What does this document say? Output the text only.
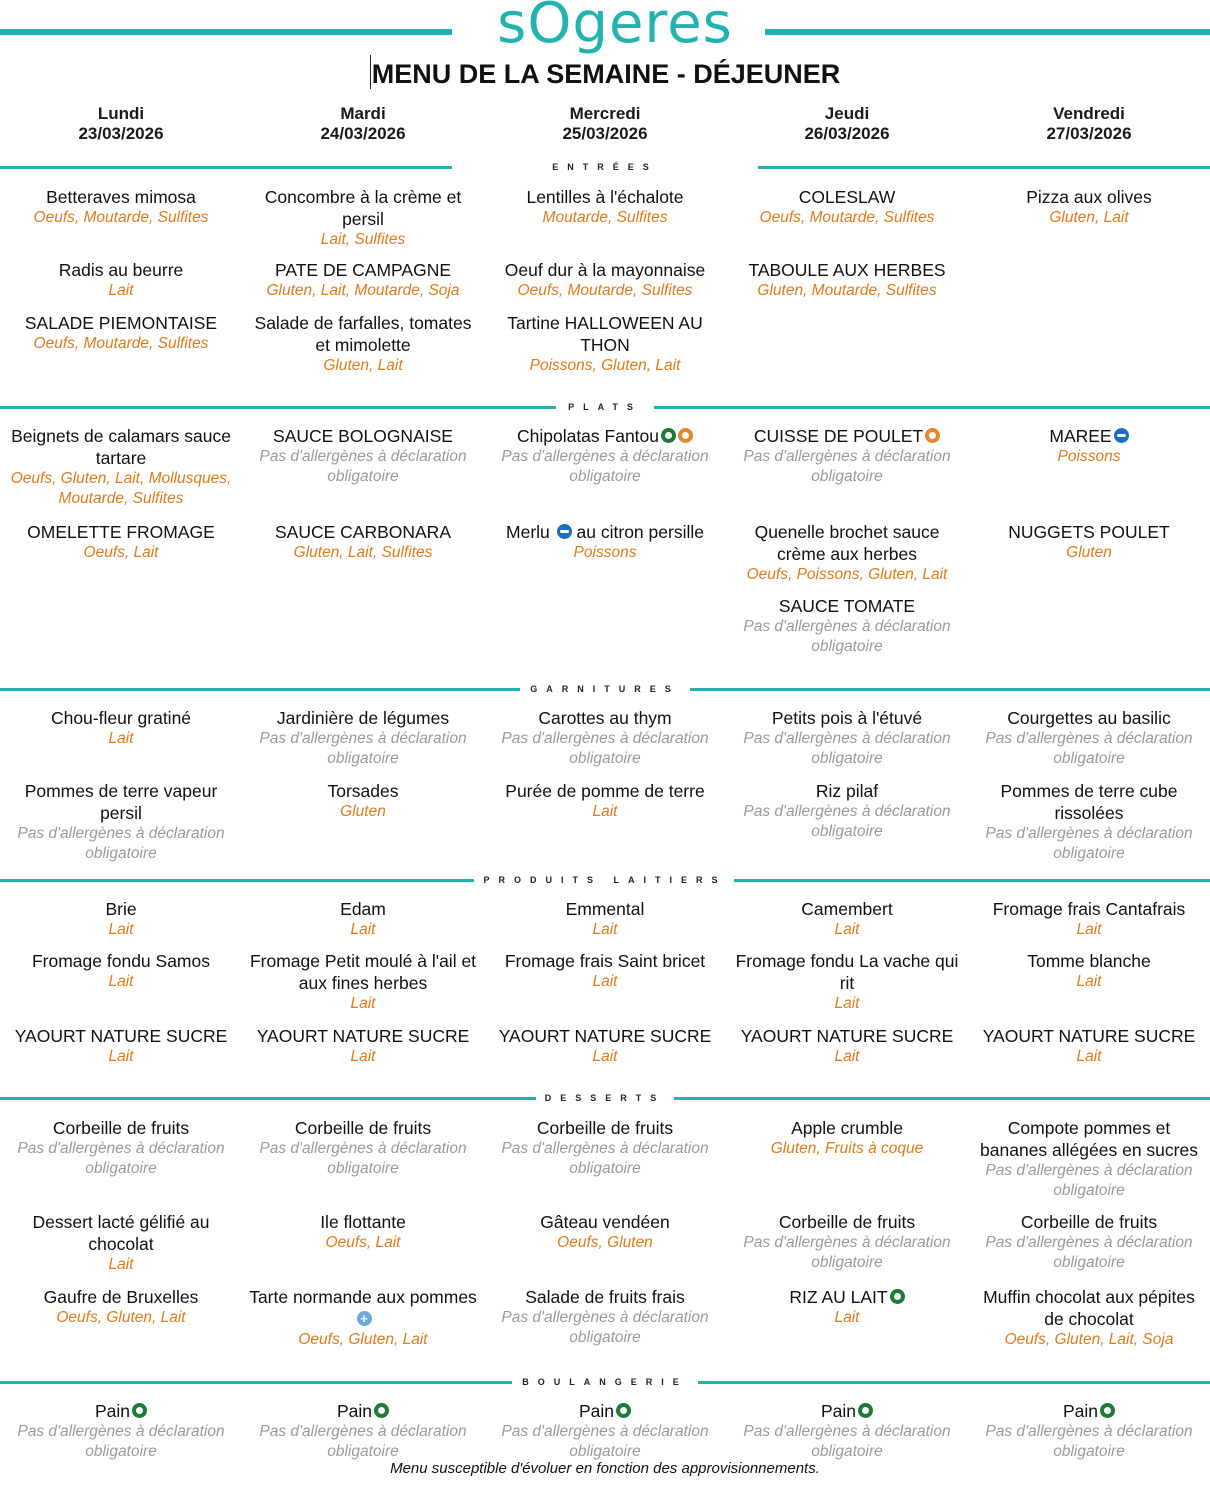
sOgeres
MENU DE LA SEMAINE - DÉJEUNER
Lundi
23/03/2026
Mardi
24/03/2026
Mercredi
25/03/2026
Jeudi
26/03/2026
Vendredi
27/03/2026
ENTRÉES
Betteraves mimosa
Oeufs, Moutarde, Sulfites
Radis au beurre
Lait
SALADE PIEMONTAISE
Oeufs, Moutarde, Sulfites
Concombre à la crème et persil
Lait, Sulfites
PATE DE CAMPAGNE
Gluten, Lait, Moutarde, Soja
Salade de farfalles, tomates et mimolette
Gluten, Lait
Lentilles à l'échalote
Moutarde, Sulfites
Oeuf dur à la mayonnaise
Oeufs, Moutarde, Sulfites
Tartine HALLOWEEN AU THON
Poissons, Gluten, Lait
COLESLAW
Oeufs, Moutarde, Sulfites
TABOULE AUX HERBES
Gluten, Moutarde, Sulfites
Pizza aux olives
Gluten, Lait
PLATS
Beignets de calamars sauce tartare
Oeufs, Gluten, Lait, Mollusques, Moutarde, Sulfites
OMELETTE FROMAGE
Oeufs, Lait
SAUCE BOLOGNAISE
Pas d'allergènes à déclaration obligatoire
SAUCE CARBONARA
Gluten, Lait, Sulfites
Chipolatas Fantou
Pas d'allergènes à déclaration obligatoire
Merlu au citron persille
Poissons
CUISSE DE POULET
Pas d'allergènes à déclaration obligatoire
Quenelle brochet sauce crème aux herbes
Oeufs, Poissons, Gluten, Lait
SAUCE TOMATE
Pas d'allergènes à déclaration obligatoire
MAREE
Poissons
NUGGETS POULET
Gluten
GARNITURES
Chou-fleur gratiné
Lait
Pommes de terre vapeur persil
Pas d'allergènes à déclaration obligatoire
Jardinière de légumes
Pas d'allergènes à déclaration obligatoire
Torsades
Gluten
Carottes au thym
Pas d'allergènes à déclaration obligatoire
Purée de pomme de terre
Lait
Petits pois à l'étuvé
Pas d'allergènes à déclaration obligatoire
Riz pilaf
Pas d'allergènes à déclaration obligatoire
Courgettes au basilic
Pas d'allergènes à déclaration obligatoire
Pommes de terre cube rissolées
Pas d'allergènes à déclaration obligatoire
PRODUITS LAITIERS
Brie
Lait
Fromage fondu Samos
Lait
YAOURT NATURE SUCRE
Lait
Edam
Lait
Fromage Petit moulé à l'ail et aux fines herbes
Lait
YAOURT NATURE SUCRE
Lait
Emmental
Lait
Fromage frais Saint bricet
Lait
YAOURT NATURE SUCRE
Lait
Camembert
Lait
Fromage fondu La vache qui rit
Lait
YAOURT NATURE SUCRE
Lait
Fromage frais Cantafrais
Lait
Tomme blanche
Lait
YAOURT NATURE SUCRE
Lait
DESSERTS
Corbeille de fruits
Pas d'allergènes à déclaration obligatoire
Dessert lacté gélifié au chocolat
Lait
Gaufre de Bruxelles
Oeufs, Gluten, Lait
Corbeille de fruits
Pas d'allergènes à déclaration obligatoire
Ile flottante
Oeufs, Lait
Tarte normande aux pommes+
Oeufs, Gluten, Lait
Corbeille de fruits
Pas d'allergènes à déclaration obligatoire
Gâteau vendéen
Oeufs, Gluten
Salade de fruits frais
Pas d'allergènes à déclaration obligatoire
Apple crumble
Gluten, Fruits à coque
Corbeille de fruits
Pas d'allergènes à déclaration obligatoire
RIZ AU LAIT
Lait
Compote pommes et bananes allégées en sucres
Pas d'allergènes à déclaration obligatoire
Corbeille de fruits
Pas d'allergènes à déclaration obligatoire
Muffin chocolat aux pépites de chocolat
Oeufs, Gluten, Lait, Soja
BOULANGERIE
Pain
Pas d'allergènes à déclaration obligatoire
Pain
Pas d'allergènes à déclaration obligatoire
Pain
Pas d'allergènes à déclaration obligatoire
Pain
Pas d'allergènes à déclaration obligatoire
Pain
Pas d'allergènes à déclaration obligatoire
Menu susceptible d'évoluer en fonction des approvisionnements.
